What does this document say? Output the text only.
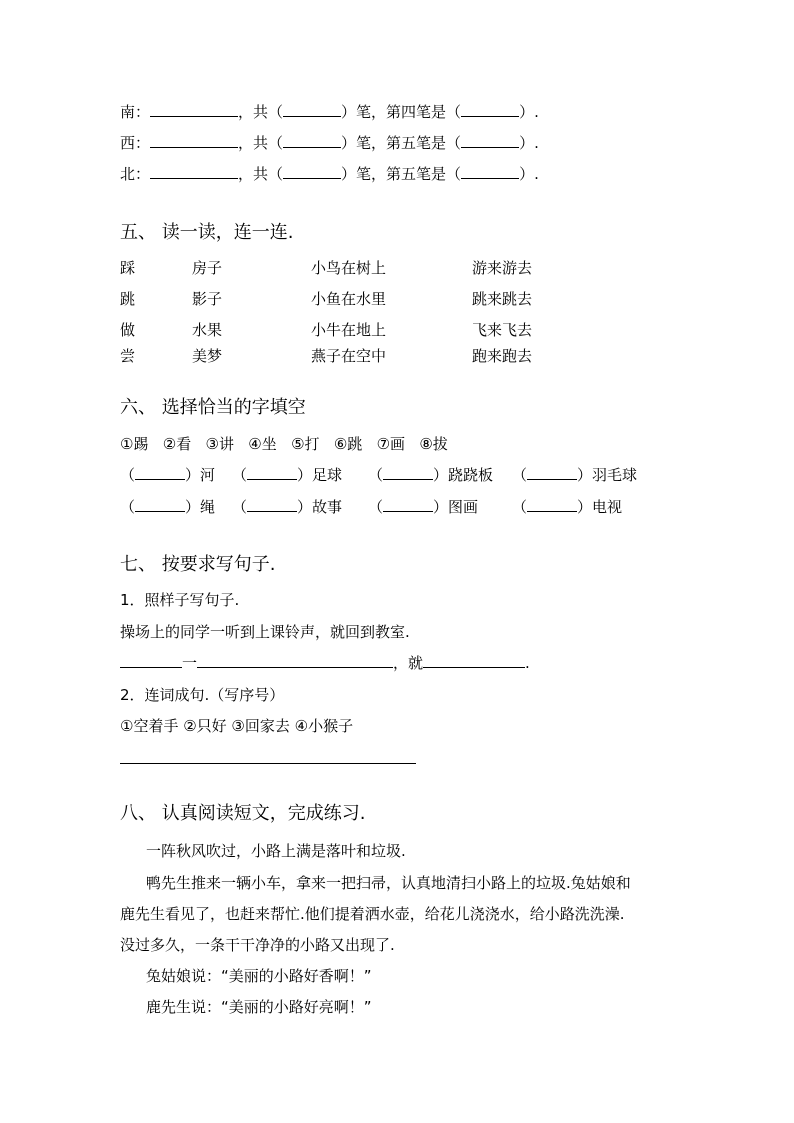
南：	，共（	）笔，第四笔是（	）.
西：	，共（	）笔，第五笔是（	）.
北：	，共（	）笔，第五笔是（	）.
五、 读一读，连一连.
踩	房子	小鸟在树上	游来游去
跳	影子	小鱼在水里	跳来跳去
做	水果	小牛在地上	飞来飞去
尝	美梦	燕子在空中	跑来跑去
六、 选择恰当的字填空
①踢 ②看 ③讲 ④坐 ⑤打 ⑥跳 ⑦画 ⑧拔
（	）河 （	）足球 （	）跷跷板 （	）羽毛球
（	）绳 （	）故事 （	）图画 （	）电视
七、 按要求写句子.
1．照样子写句子.
操场上的同学一听到上课铃声，就回到教室.
一	，就	.
2．连词成句.（写序号）
①空着手 ②只好 ③回家去 ④小猴子
八、 认真阅读短文，完成练习.
一阵秋风吹过，小路上满是落叶和垃圾.
鸭先生推来一辆小车，拿来一把扫帚，认真地清扫小路上的垃圾.兔姑娘和
鹿先生看见了，也赶来帮忙.他们提着洒水壶，给花儿浇浇水，给小路洗洗澡.
没过多久，一条干干净净的小路又出现了.
兔姑娘说：“美丽的小路好香啊！”
鹿先生说：“美丽的小路好亮啊！”
